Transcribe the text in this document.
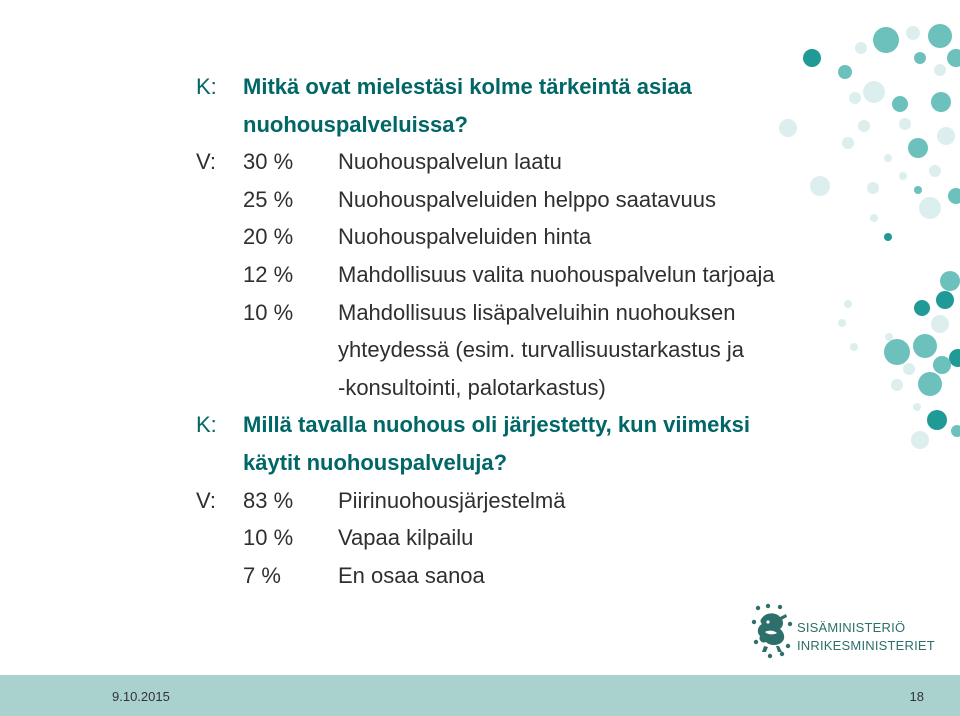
K: Mitkä ovat mielestäsi kolme tärkeintä asiaa
nuohouspalveluissa?
V: 30 % Nuohouspalvelun laatu
25 % Nuohouspalveluiden helppo saatavuus
20 % Nuohouspalveluiden hinta
12 % Mahdollisuus valita nuohouspalvelun tarjoaja
10 % Mahdollisuus lisäpalveluihin nuohouksen
yhteydessä (esim. turvallisuustarkastus ja
-konsultointi, palotarkastus)
K: Millä tavalla nuohous oli järjestetty, kun viimeksi
käytit nuohouspalveluja?
V: 83 % Piirinuohousjärjestelmä
10 % Vapaa kilpailu
7 %	En osaa sanoa
SISÄMINISTERIÖ
INRIKESMINISTERIET
9.10.2015	18
